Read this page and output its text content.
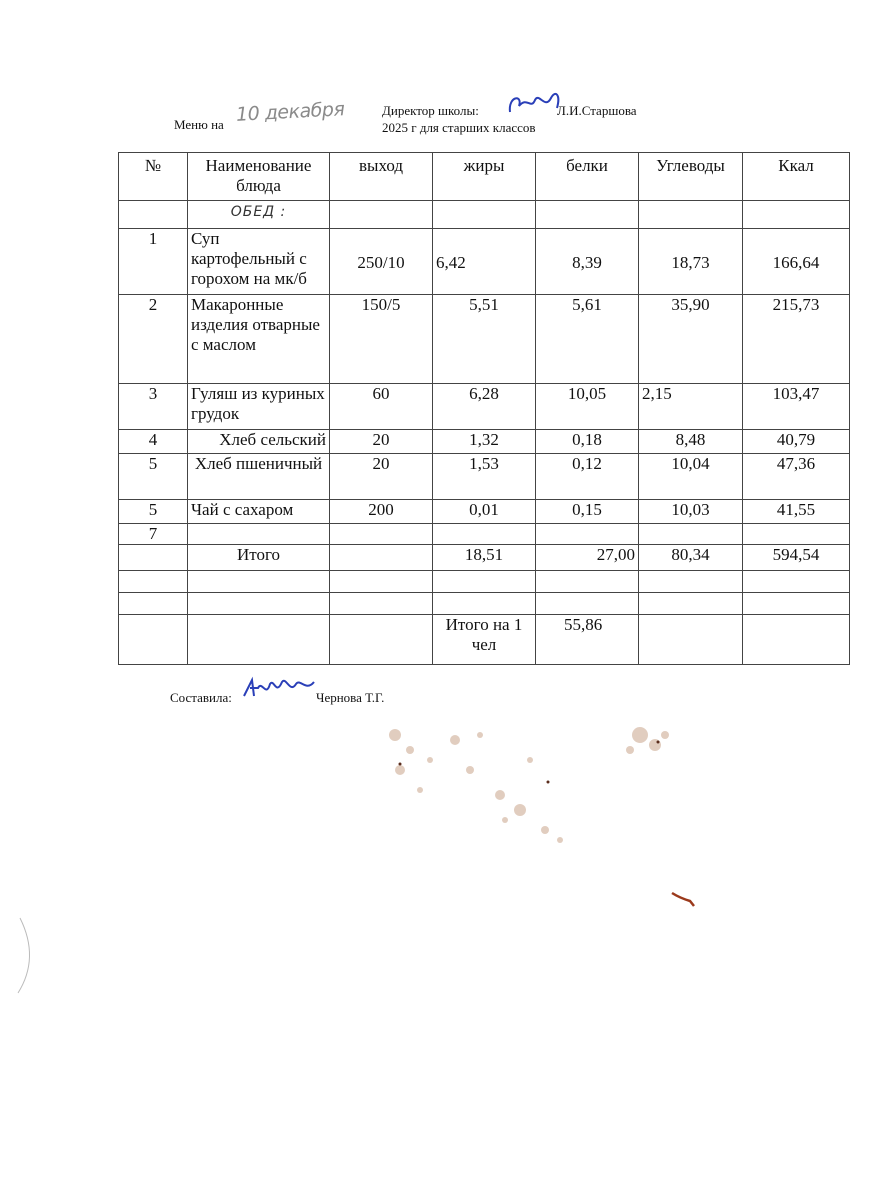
Меню на 10 декабря	Директор школы:	Л.И.Старшова
2025 г для старших классов
№	Наименование блюда	выход	жиры	белки	Углеводы	Ккал
	ОБЕД :					
1	Суп картофельный с горохом на мк/б	250/10	6,42	8,39	18,73	166,64
2	Макаронные изделия отварные с маслом	150/5	5,51	5,61	35,90	215,73
3	Гуляш из куриных грудок	60	6,28	10,05	2,15	103,47
4	Хлеб сельский	20	1,32	0,18	8,48	40,79
5	Хлеб пшеничный	20	1,53	0,12	10,04	47,36
5	Чай с сахаром	200	0,01	0,15	10,03	41,55
7						
	Итого		18,51	27,00	80,34	594,54

			Итого на 1 чел	55,86		
Составила:	Чернова Т.Г.
